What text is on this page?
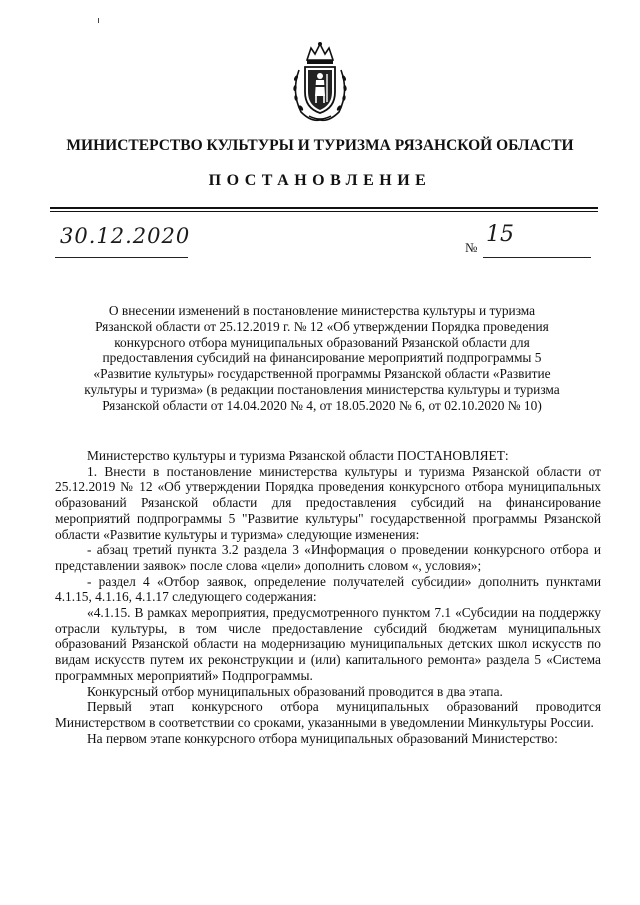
МИНИСТЕРСТВО КУЛЬТУРЫ И ТУРИЗМА РЯЗАНСКОЙ ОБЛАСТИ
ПОСТАНОВЛЕНИЕ
30.12.2020	№
15
О внесении изменений в постановление министерства культуры и туризма
Рязанской области от 25.12.2019 г. № 12 «Об утверждении Порядка проведения
конкурсного отбора муниципальных образований Рязанской области для
предоставления субсидий на финансирование мероприятий подпрограммы 5
«Развитие культуры» государственной программы Рязанской области «Развитие
культуры и туризма» (в редакции постановления министерства культуры и туризма
Рязанской области от 14.04.2020 № 4, от 18.05.2020 № 6, от 02.10.2020 № 10)

Министерство культуры и туризма Рязанской области ПОСТАНОВЛЯЕТ:

1. Внести в постановление министерства культуры и туризма Рязанской области от 25.12.2019 № 12 «Об утверждении Порядка проведения конкурсного отбора муниципальных образований Рязанской области для предоставления субсидий на финансирование мероприятий подпрограммы 5 "Развитие культуры" государственной программы Рязанской области «Развитие культуры и туризма» следующие изменения:

- абзац третий пункта 3.2 раздела 3 «Информация о проведении конкурсного отбора и представлении заявок» после слова «цели» дополнить словом «, условия»;

- раздел 4 «Отбор заявок, определение получателей субсидии» дополнить пунктами 4.1.15, 4.1.16, 4.1.17 следующего содержания:

«4.1.15. В рамках мероприятия, предусмотренного пунктом 7.1 «Субсидии на поддержку отрасли культуры, в том числе предоставление субсидий бюджетам муниципальных образований Рязанской области на модернизацию муниципальных детских школ искусств по видам искусств путем их реконструкции и (или) капитального ремонта» раздела 5 «Система программных мероприятий» Подпрограммы.

Конкурсный отбор муниципальных образований проводится в два этапа.

Первый этап конкурсного отбора муниципальных образований проводится Министерством в соответствии со сроками, указанными в уведомлении Минкультуры России.

На первом этапе конкурсного отбора муниципальных образований Министерство:
